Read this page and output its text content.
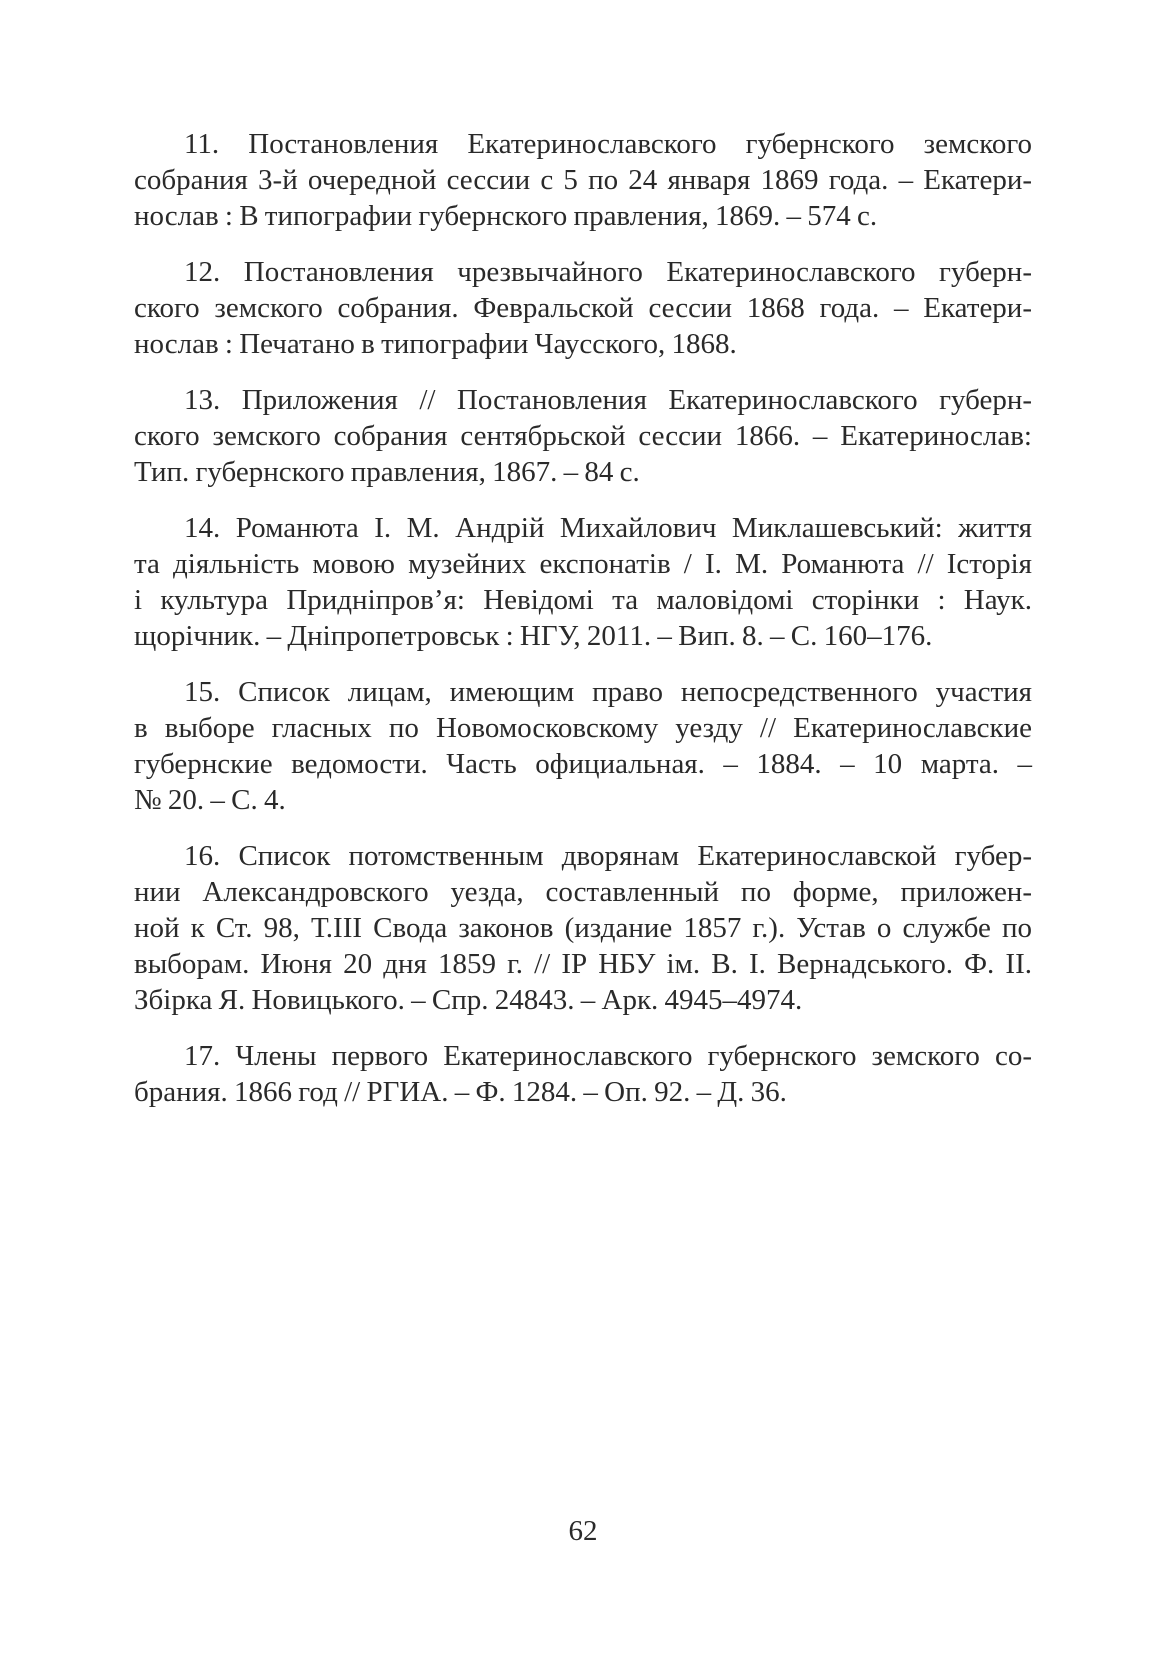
11. Постановления Екатеринославского губернского земского
собрания 3-й очередной сессии с 5 по 24 января 1869 года. – Екатери-
нослав : В типографии губернского правления, 1869. – 574 с.
12. Постановления чрезвычайного Екатеринославского губерн-
ского земского собрания. Февральской сессии 1868 года. – Екатери-
нослав : Печатано в типографии Чаусского, 1868.
13. Приложения // Постановления Екатеринославского губерн-
ского земского собрания сентябрьской сессии 1866. – Екатеринослав:
Тип. губернского правления, 1867. – 84 с.
14. Романюта І. М. Андрій Михайлович Миклашевський: життя
та діяльність мовою музейних експонатів / І. М. Романюта // Історія
і культура Придніпров’я: Невідомі та маловідомі сторінки : Наук.
щорічник. – Дніпропетровськ : НГУ, 2011. – Вип. 8. – С. 160–176.
15. Список лицам, имеющим право непосредственного участия
в выборе гласных по Новомосковскому уезду // Екатеринославские
губернские ведомости. Часть официальная. – 1884. – 10 марта. –
№ 20. – С. 4.
16. Список потомственным дворянам Екатеринославской губер-
нии Александровского уезда, составленный по форме, приложен-
ной к Ст. 98, Т.III Свода законов (издание 1857 г.). Устав о службе по
выборам. Июня 20 дня 1859 г. // ІР НБУ ім. В. І. Вернадського. Ф. ІІ.
Збірка Я. Новицького. – Спр. 24843. – Арк. 4945–4974.
17. Члены первого Екатеринославского губернского земского со-
брания. 1866 год // РГИА. – Ф. 1284. – Оп. 92. – Д. 36.
62
